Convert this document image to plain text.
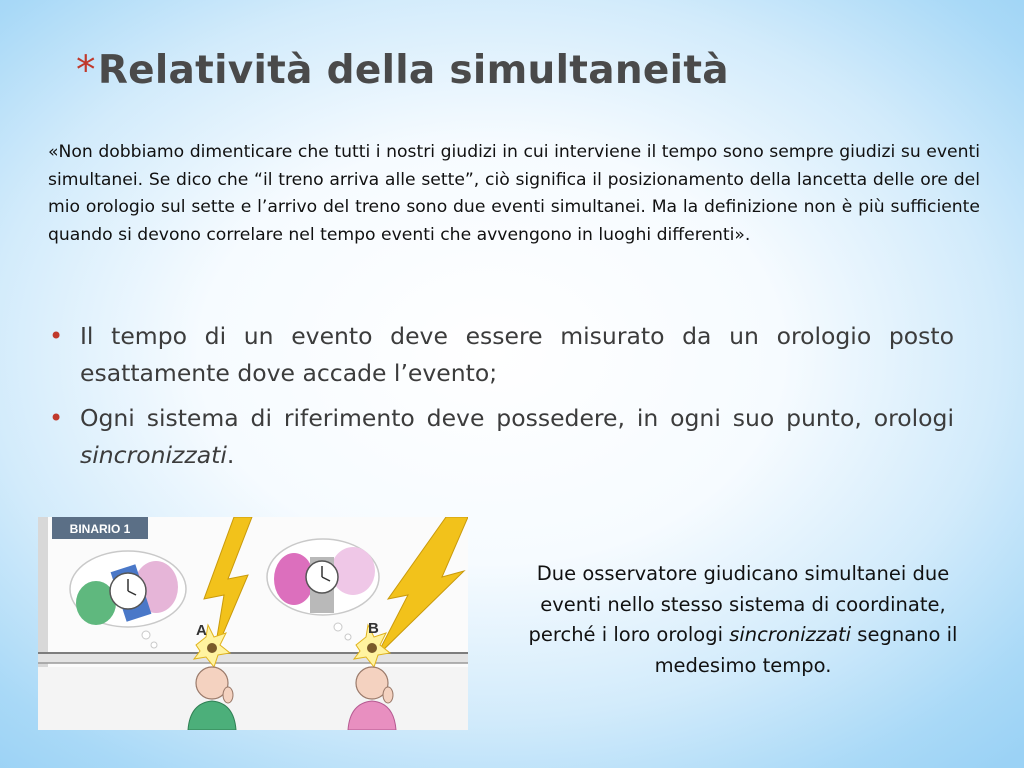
*Relatività della simultaneità
«Non dobbiamo dimenticare che tutti i nostri giudizi in cui interviene il tempo sono sempre giudizi su eventi simultanei. Se dico che “il treno arriva alle sette”, ciò significa il posizionamento della lancetta delle ore del mio orologio sul sette e l’arrivo del treno sono due eventi simultanei. Ma la definizione non è più sufficiente quando si devono correlare nel tempo eventi che avvengono in luoghi differenti».
• Il tempo di un evento deve essere misurato da un orologio posto esattamente dove accade l’evento;
• Ogni sistema di riferimento deve possedere, in ogni suo punto, orologi sincronizzati.
BINARIO 1
A	B
Due osservatore giudicano simultanei due eventi nello stesso sistema di coordinate, perché i loro orologi sincronizzati segnano il medesimo tempo.
